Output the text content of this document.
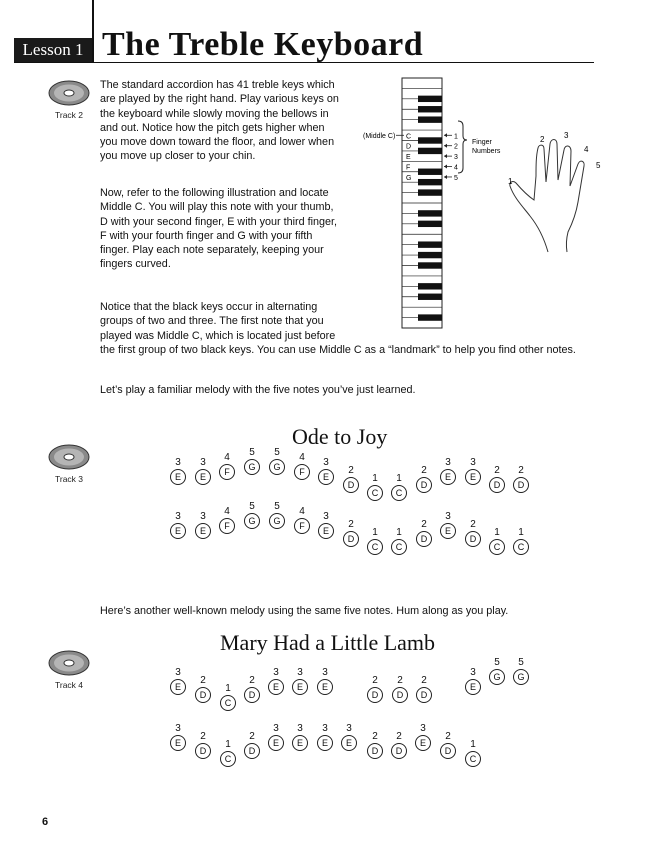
Lesson 1 The Treble Keyboard
Track 2

The standard accordion has 41 treble keys which
are played by the right hand. Play various keys on
the keyboard while slowly moving the bellows in
and out. Notice how the pitch gets higher when
you move down toward the floor, and lower when
you move up closer to your chin.

Now, refer to the following illustration and locate
Middle C. You will play this note with your thumb,
D with your second finger, E with your third finger,
F with your fourth finger and G with your fifth
finger. Play each note separately, keeping your
fingers curved.

Notice that the black keys occur in alternating
groups of two and three. The first note that you
played was Middle C, which is located just before
the first group of two black keys. You can use Middle C as a “landmark” to help you find other notes.

Let’s play a familiar melody with the five notes you’ve just learned.

(Middle C) C	1
D	2
E	3
F	4
G	5
Finger Numbers
1
2 3
4
5
Ode to Joy
Track 3
3
E
3
E
4
F
5
G
5
G
4
F
3
E
2
D
1
C
1
C
2
D
3
E
3
E
2
D
2
D
3
E
3
E
4
F
5
G
5
G
4
F
3
E
2
D
1
C
1
C
2
D
3
E
2
D
1
C
1
C

Here’s another well-known melody using the same five notes. Hum along as you play.

Mary Had a Little Lamb
Track 4
3
E
2
D
1
C
2
D
3
E
3
E
3
E
2
D
2
D
2
D
3
E
5
G
5
G
3
E
2
D
1
C
2
D
3
E
3
E
3
E
3
E
2
D
2
D
3
E
2
D
1
C
6
